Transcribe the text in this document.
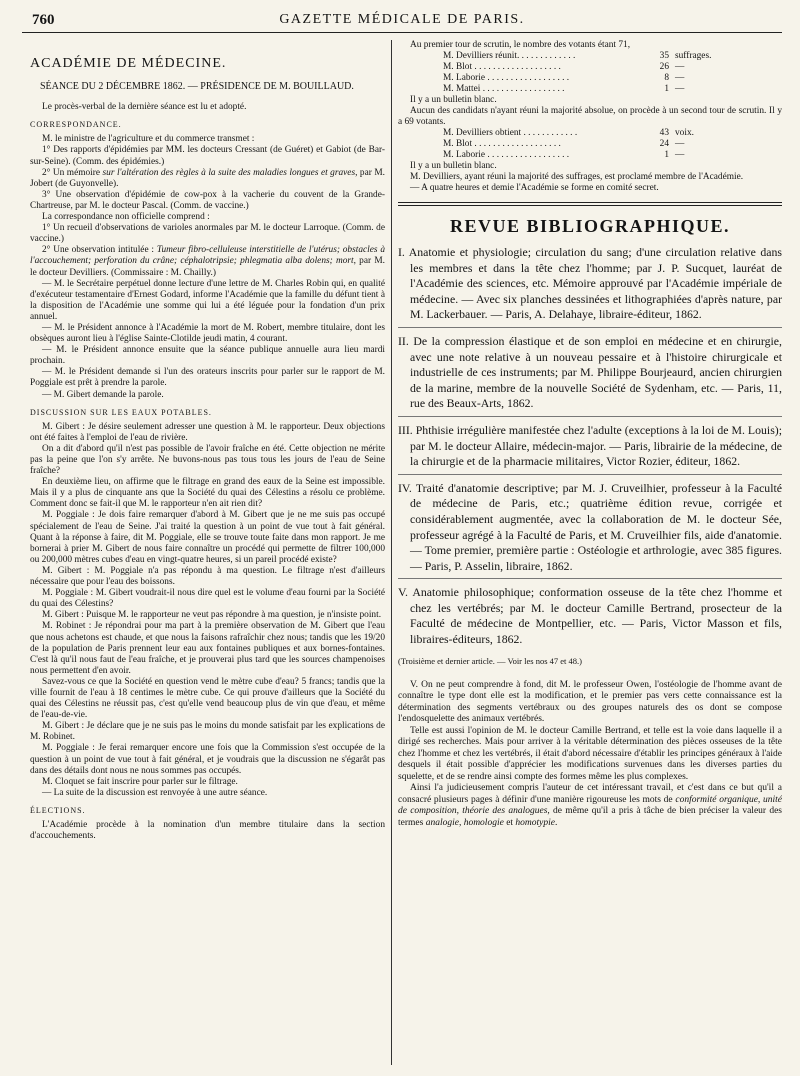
760	GAZETTE MÉDICALE DE PARIS.

ACADÉMIE DE MÉDECINE.

SÉANCE DU 2 DÉCEMBRE 1862. — PRÉSIDENCE DE M. BOUILLAUD.

Le procès-verbal de la dernière séance est lu et adopté.

CORRESPONDANCE.

M. le ministre de l'agriculture et du commerce transmet :

1° Des rapports d'épidémies par MM. les docteurs Cressant (de Guéret) et Gabiot (de Bar-sur-Seine). (Comm. des épidémies.)

2° Un mémoire sur l'altération des règles à la suite des maladies longues et graves, par M. Jobert (de Guyonvelle).

3° Une observation d'épidémie de cow-pox à la vacherie du couvent de la Grande-Chartreuse, par M. le docteur Pascal. (Comm. de vaccine.)

La correspondance non officielle comprend :

1° Un recueil d'observations de varioles anormales par M. le docteur Larroque. (Comm. de vaccine.)

2° Une observation intitulée : Tumeur fibro-celluleuse interstitielle de l'utérus; obstacles à l'accouchement; perforation du crâne; céphalotripsie; phlegmatia alba dolens; mort, par M. le docteur Devilliers. (Commissaire : M. Chailly.)

— M. le Secrétaire perpétuel donne lecture d'une lettre de M. Charles Robin qui, en qualité d'exécuteur testamentaire d'Ernest Godard, informe l'Académie que la famille du défunt tient à la disposition de l'Académie une somme qui lui a été léguée pour la fondation d'un prix annuel.

— M. le Président annonce à l'Académie la mort de M. Robert, membre titulaire, dont les obsèques auront lieu à l'église Sainte-Clotilde jeudi matin, 4 courant.

— M. le Président annonce ensuite que la séance publique annuelle aura lieu mardi prochain.

— M. le Président demande si l'un des orateurs inscrits pour parler sur le rapport de M. Poggiale est prêt à prendre la parole.

— M. Gibert demande la parole.

DISCUSSION SUR LES EAUX POTABLES.

M. Gibert : Je désire seulement adresser une question à M. le rapporteur. Deux objections ont été faites à l'emploi de l'eau de rivière.

On a dit d'abord qu'il n'est pas possible de l'avoir fraîche en été. Cette objection ne mérite pas la peine que l'on s'y arrête. Ne buvons-nous pas tous tous les jours de l'eau de Seine fraîche?

En deuxième lieu, on affirme que le filtrage en grand des eaux de la Seine est impossible. Mais il y a plus de cinquante ans que la Société du quai des Célestins a résolu ce problème. Comment donc se fait-il que M. le rapporteur n'en ait rien dit?

M. Poggiale : Je dois faire remarquer d'abord à M. Gibert que je ne me suis pas occupé spécialement de l'eau de Seine. J'ai traité la question à un point de vue tout à fait général. Quant à la réponse à faire, dit M. Poggiale, elle se trouve toute faite dans mon rapport. Je me bornerai à prier M. Gibert de nous faire connaître un procédé qui permette de filtrer 100,000 ou 200,000 mètres cubes d'eau en vingt-quatre heures, si un pareil procédé existe?

M. Gibert : M. Poggiale n'a pas répondu à ma question. Le filtrage n'est d'ailleurs nécessaire que pour l'eau des boissons.

M. Poggiale : M. Gibert voudrait-il nous dire quel est le volume d'eau fourni par la Société du quai des Célestins?

M. Gibert : Puisque M. le rapporteur ne veut pas répondre à ma question, je n'insiste point.

M. Robinet : Je répondrai pour ma part à la première observation de M. Gibert que l'eau que nous achetons est chaude, et que nous la faisons rafraîchir chez nous; tandis que les 19/20 de la population de Paris prennent leur eau aux fontaines publiques et aux bornes-fontaines. C'est là qu'il nous faut de l'eau fraîche, et je prouverai plus tard que les sources champenoises nous permettent d'en avoir.

Savez-vous ce que la Société en question vend le mètre cube d'eau? 5 francs; tandis que la ville fournit de l'eau à 18 centimes le mètre cube. Ce qui prouve d'ailleurs que la Société du quai des Célestins ne réussit pas, c'est qu'elle vend beaucoup plus de vin que d'eau, et même de l'eau-de-vie.

M. Gibert : Je déclare que je ne suis pas le moins du monde satisfait par les explications de M. Robinet.

M. Poggiale : Je ferai remarquer encore une fois que la Commission s'est occupée de la question à un point de vue tout à fait général, et je voudrais que la discussion ne s'égarât pas dans des détails dont nous ne nous sommes pas occupés.

M. Cloquet se fait inscrire pour parler sur le filtrage.

— La suite de la discussion est renvoyée à une autre séance.

ÉLECTIONS.

L'Académie procède à la nomination d'un membre titulaire dans la section d'accouchements.

Au premier tour de scrutin, le nombre des votants étant 71,

M. Devilliers réunit. . . . . . . . . . . . .	35 suffrages.
M. Blot . . . . . . . . . . . . . . . . . . .	26 —
M. Laborie . . . . . . . . . . . . . . . . . .	8 —
M. Mattei . . . . . . . . . . . . . . . . . .	1 —

Il y a un bulletin blanc.

Aucun des candidats n'ayant réuni la majorité absolue, on procède à un second tour de scrutin. Il y a 69 votants.

M. Devilliers obtient . . . . . . . . . . . .	43 voix.
M. Blot . . . . . . . . . . . . . . . . . . .	24 —
M. Laborie . . . . . . . . . . . . . . . . . .	1 —

Il y a un bulletin blanc.

M. Devilliers, ayant réuni la majorité des suffrages, est proclamé membre de l'Académie.

— A quatre heures et demie l'Académie se forme en comité secret.

REVUE BIBLIOGRAPHIQUE.

I. Anatomie et physiologie; circulation du sang; d'une circulation relative dans les membres et dans la tête chez l'homme; par J. P. Sucquet, lauréat de l'Académie des sciences, etc. Mémoire approuvé par l'Académie impériale de médecine. — Avec six planches dessinées et lithographiées d'après nature, par M. Lackerbauer. — Paris, A. Delahaye, libraire-éditeur, 1862.

II. De la compression élastique et de son emploi en médecine et en chirurgie, avec une note relative à un nouveau pessaire et à l'histoire chirurgicale et industrielle de ces instruments; par M. Philippe Bourjeaurd, ancien chirurgien de la marine, membre de la nouvelle Société de Sydenham, etc. — Paris, 11, rue des Beaux-Arts, 1862.

III. Phthisie irrégulière manifestée chez l'adulte (exceptions à la loi de M. Louis); par M. le docteur Allaire, médecin-major. — Paris, librairie de la médecine, de la chirurgie et de la pharmacie militaires, Victor Rozier, éditeur, 1862.

IV. Traité d'anatomie descriptive; par M. J. Cruveilhier, professeur à la Faculté de médecine de Paris, etc.; quatrième édition revue, corrigée et considérablement augmentée, avec la collaboration de M. le docteur Sée, professeur agrégé à la Faculté de Paris, et M. Cruveilhier fils, aide d'anatomie. — Tome premier, première partie : Ostéologie et arthrologie, avec 385 figures. — Paris, P. Asselin, libraire, 1862.

V. Anatomie philosophique; conformation osseuse de la tête chez l'homme et chez les vertébrés; par M. le docteur Camille Bertrand, prosecteur de la Faculté de médecine de Montpellier, etc. — Paris, Victor Masson et fils, libraires-éditeurs, 1862.

(Troisième et dernier article. — Voir les nos 47 et 48.)

V. On ne peut comprendre à fond, dit M. le professeur Owen, l'ostéologie de l'homme avant de connaître le type dont elle est la modification, et le premier pas vers cette connaissance est la détermination des segments vertébraux ou des groupes naturels des os dont se compose l'endosquelette des animaux vertébrés.

Telle est aussi l'opinion de M. le docteur Camille Bertrand, et telle est la voie dans laquelle il a dirigé ses recherches. Mais pour arriver à la véritable détermination des pièces osseuses de la tête chez l'homme et chez les vertébrés, il était d'abord nécessaire d'établir les principes généraux à l'aide desquels il était possible d'apprécier les modifications survenues dans les diverses parties du squelette, et de se rendre ainsi compte des formes même les plus complexes.

Ainsi l'a judicieusement compris l'auteur de cet intéressant travail, et c'est dans ce but qu'il a consacré plusieurs pages à définir d'une manière rigoureuse les mots de conformité organique, unité de composition, théorie des analogues, de même qu'il a pris à tâche de bien préciser la valeur des termes analogie, homologie et homotypie.
